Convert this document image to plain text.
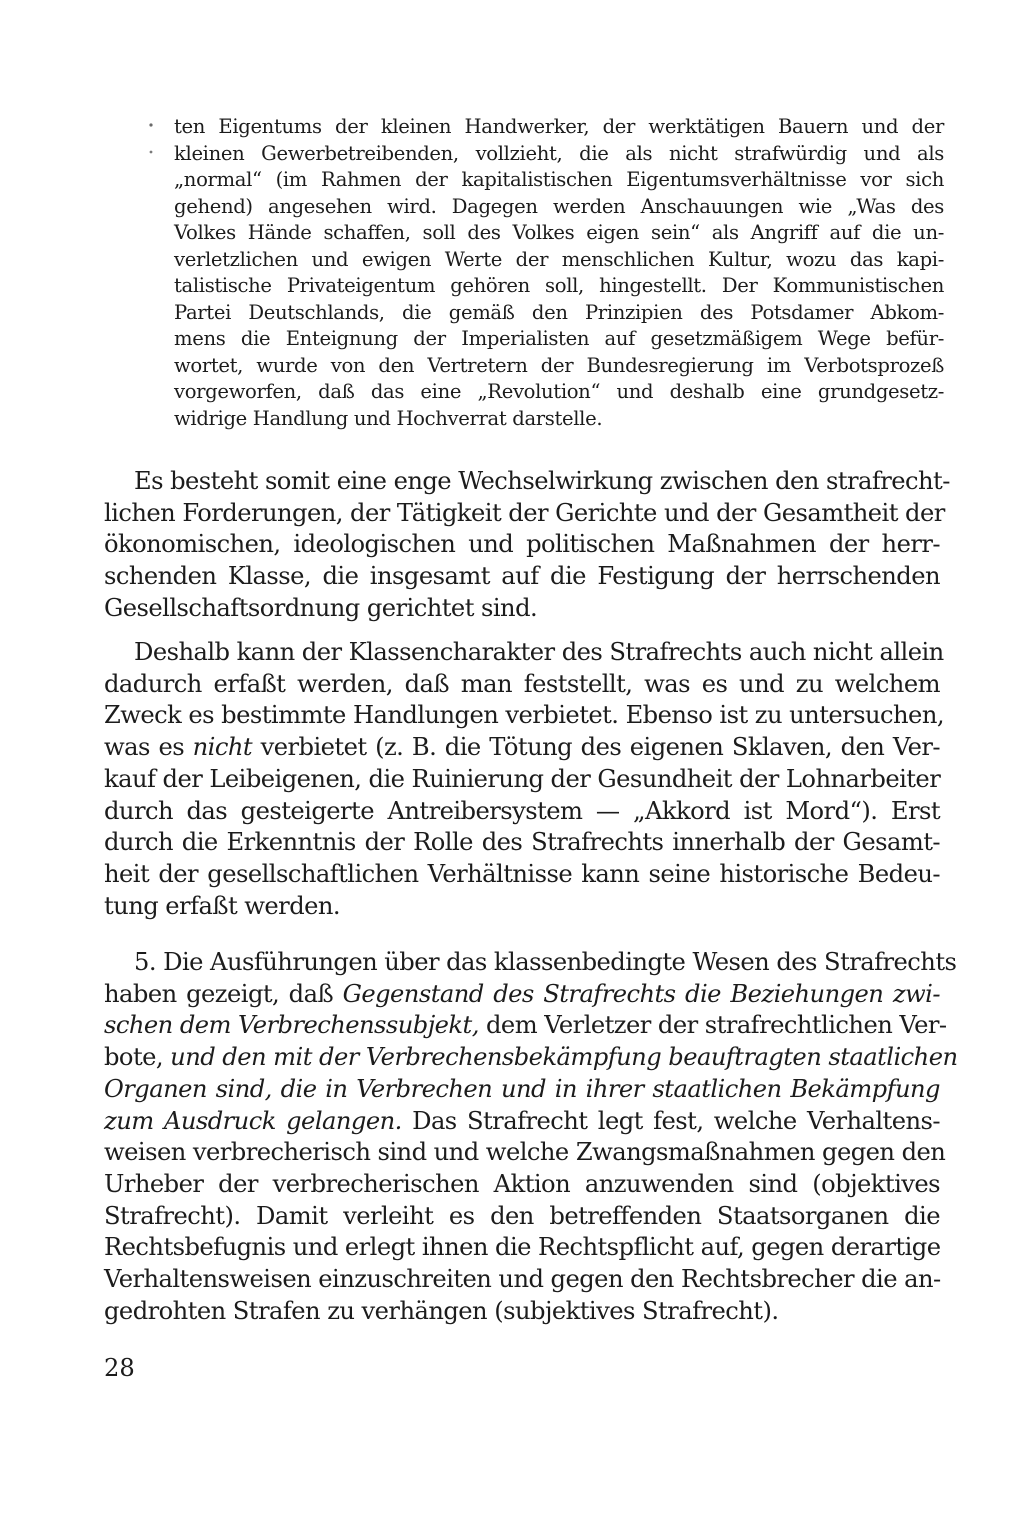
ten Eigentums der kleinen Handwerker, der werktätigen Bauern und der
kleinen Gewerbetreibenden, vollzieht, die als nicht strafwürdig und als
„normal“ (im Rahmen der kapitalistischen Eigentumsverhältnisse vor sich
gehend) angesehen wird. Dagegen werden Anschauungen wie „Was des
Volkes Hände schaffen, soll des Volkes eigen sein“ als Angriff auf die un-
verletzlichen und ewigen Werte der menschlichen Kultur, wozu das kapi-
talistische Privateigentum gehören soll, hingestellt. Der Kommunistischen
Partei Deutschlands, die gemäß den Prinzipien des Potsdamer Abkom-
mens die Enteignung der Imperialisten auf gesetzmäßigem Wege befür-
wortet, wurde von den Vertretern der Bundesregierung im Verbotsprozeß
vorgeworfen, daß das eine „Revolution“ und deshalb eine grundgesetz-
widrige Handlung und Hochverrat darstelle.
Es besteht somit eine enge Wechselwirkung zwischen den strafrecht-
lichen Forderungen, der Tätigkeit der Gerichte und der Gesamtheit der
ökonomischen, ideologischen und politischen Maßnahmen der herr-
schenden Klasse, die insgesamt auf die Festigung der herrschenden
Gesellschaftsordnung gerichtet sind.
Deshalb kann der Klassencharakter des Strafrechts auch nicht allein
dadurch erfaßt werden, daß man feststellt, was es und zu welchem
Zweck es bestimmte Handlungen verbietet. Ebenso ist zu untersuchen,
was es nicht verbietet (z. B. die Tötung des eigenen Sklaven, den Ver-
kauf der Leibeigenen, die Ruinierung der Gesundheit der Lohnarbeiter
durch das gesteigerte Antreibersystem — „Akkord ist Mord“). Erst
durch die Erkenntnis der Rolle des Strafrechts innerhalb der Gesamt-
heit der gesellschaftlichen Verhältnisse kann seine historische Bedeu-
tung erfaßt werden.
5. Die Ausführungen über das klassenbedingte Wesen des Strafrechts
haben gezeigt, daß Gegenstand des Strafrechts die Beziehungen zwi-
schen dem Verbrechenssubjekt, dem Verletzer der strafrechtlichen Ver-
bote, und den mit der Verbrechensbekämpfung beauftragten staatlichen
Organen sind, die in Verbrechen und in ihrer staatlichen Bekämpfung
zum Ausdruck gelangen. Das Strafrecht legt fest, welche Verhaltens-
weisen verbrecherisch sind und welche Zwangsmaßnahmen gegen den
Urheber der verbrecherischen Aktion anzuwenden sind (objektives
Strafrecht). Damit verleiht es den betreffenden Staatsorganen die
Rechtsbefugnis und erlegt ihnen die Rechtspflicht auf, gegen derartige
Verhaltensweisen einzuschreiten und gegen den Rechtsbrecher die an-
gedrohten Strafen zu verhängen (subjektives Strafrecht).
28
